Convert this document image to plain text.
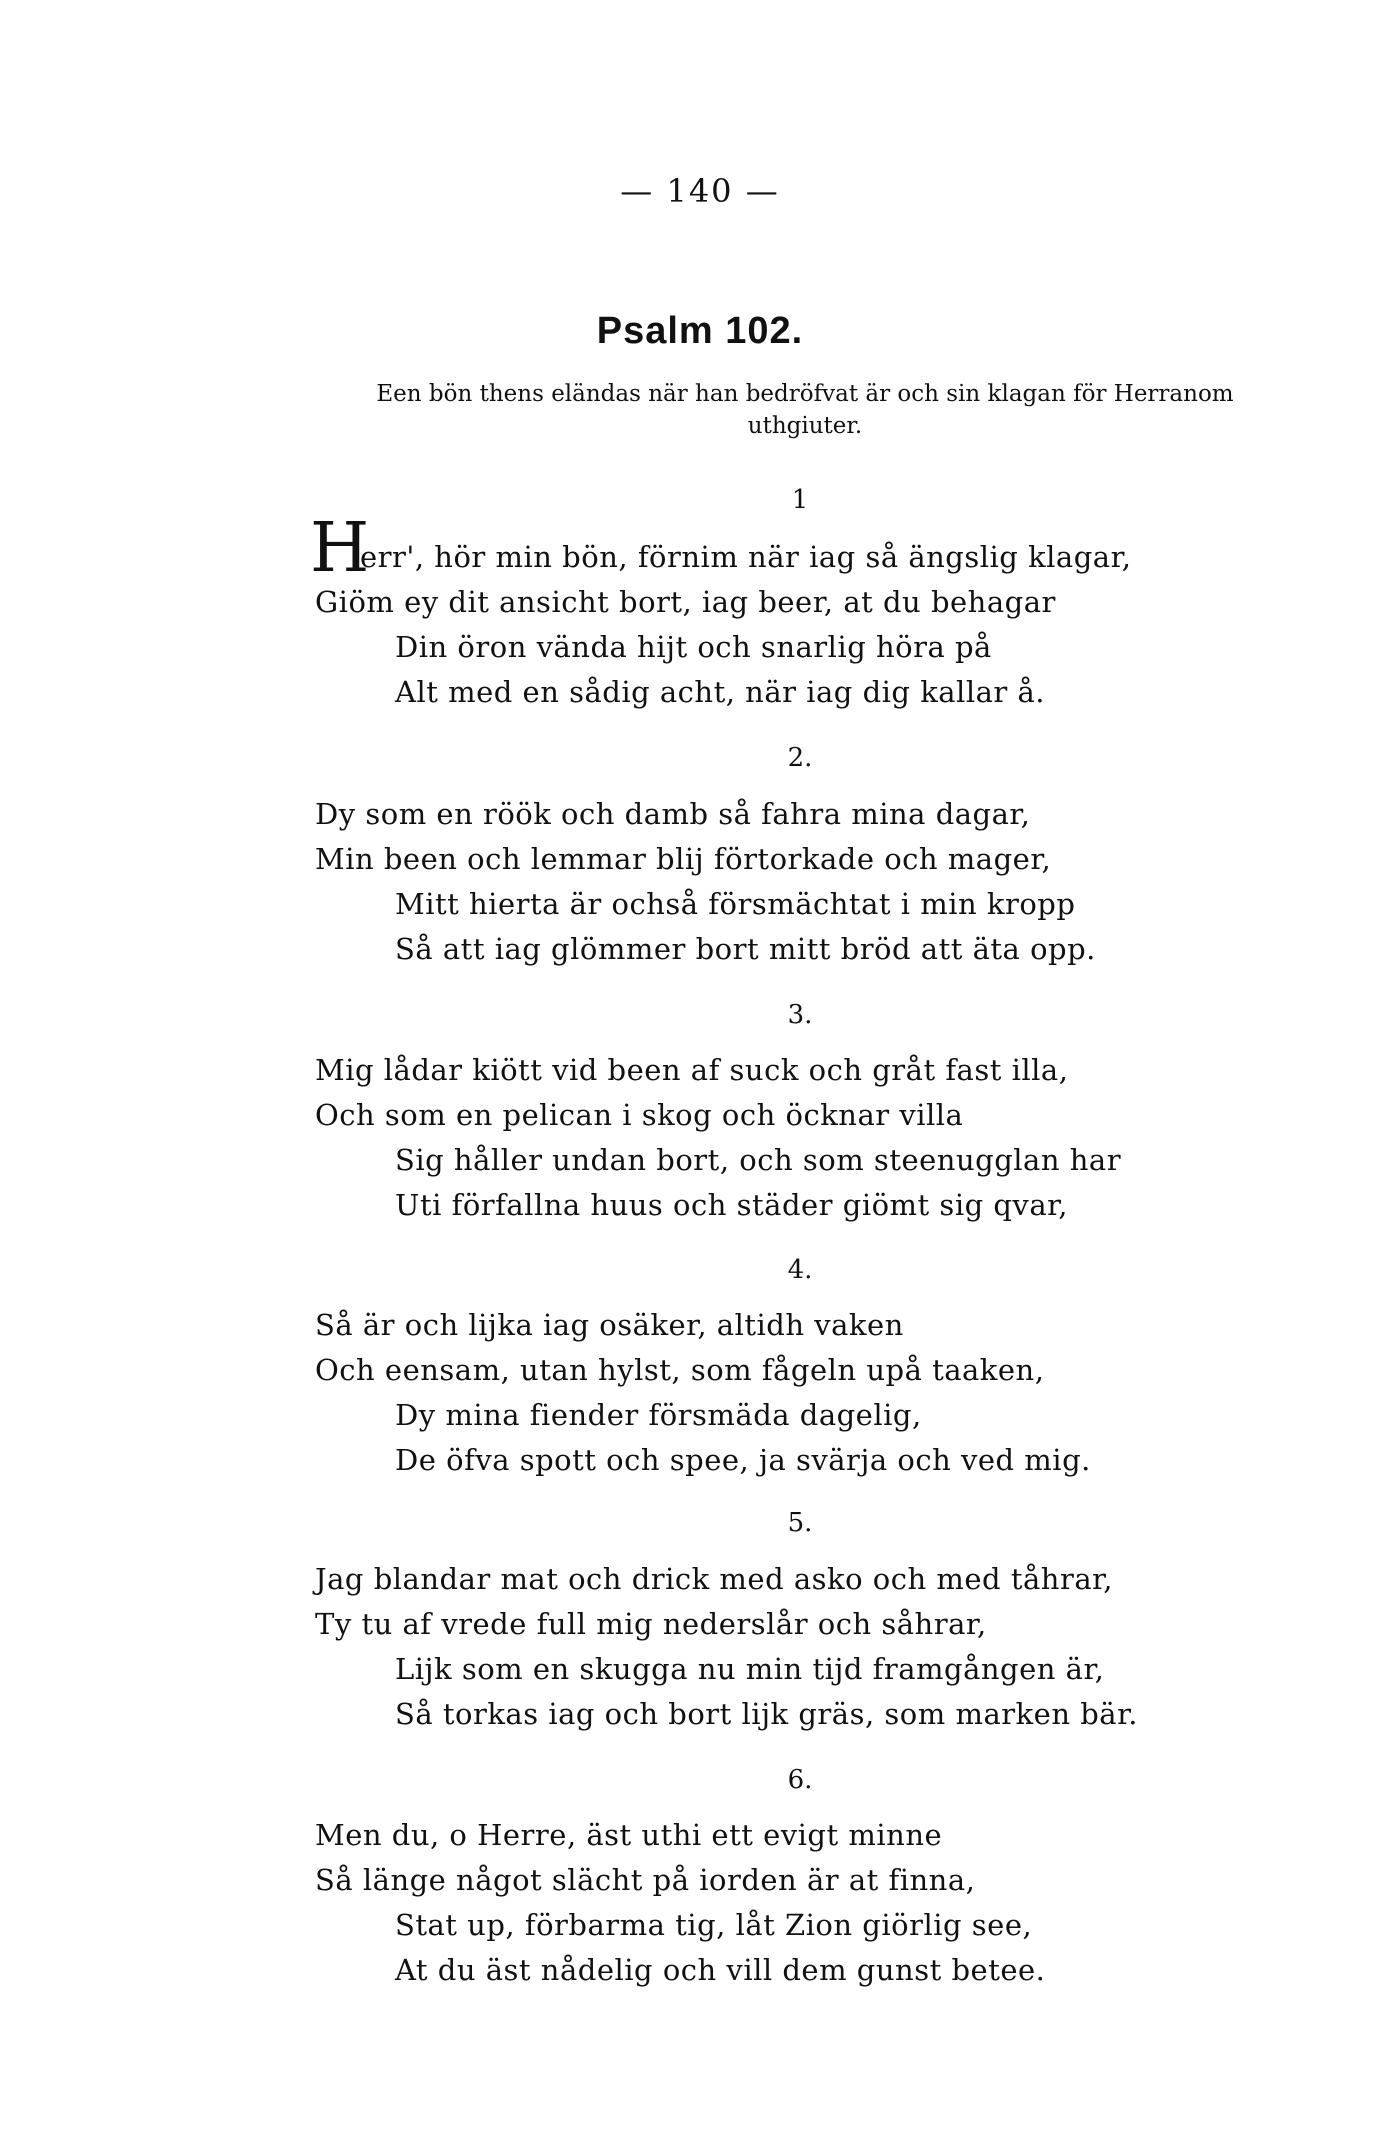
— 140 —
Psalm 102.
Een bön thens eländas när han bedröfvat är och sin klagan för Herranom uthgiuter.
1
H
err', hör min bön, förnim när iag så ängslig klagar,
Giöm ey dit ansicht bort, iag beer, at du behagar
Din öron vända hijt och snarlig höra på
Alt med en sådig acht, när iag dig kallar å.
2.
Dy som en röök och damb så fahra mina dagar,
Min been och lemmar blij förtorkade och mager,
Mitt hierta är ochså försmächtat i min kropp
Så att iag glömmer bort mitt bröd att äta opp.
3.
Mig lådar kiött vid been af suck och gråt fast illa,
Och som en pelican i skog och öcknar villa
Sig håller undan bort, och som steenugglan har
Uti förfallna huus och städer giömt sig qvar,
4.
Så är och lijka iag osäker, altidh vaken
Och eensam, utan hylst, som fågeln upå taaken,
Dy mina fiender försmäda dagelig,
De öfva spott och spee, ja svärja och ved mig.
5.
Jag blandar mat och drick med asko och med tåhrar,
Ty tu af vrede full mig nederslår och såhrar,
Lijk som en skugga nu min tijd framgången är,
Så torkas iag och bort lijk gräs, som marken bär.
6.
Men du, o Herre, äst uthi ett evigt minne
Så länge något slächt på iorden är at finna,
Stat up, förbarma tig, låt Zion giörlig see,
At du äst nådelig och vill dem gunst betee.
